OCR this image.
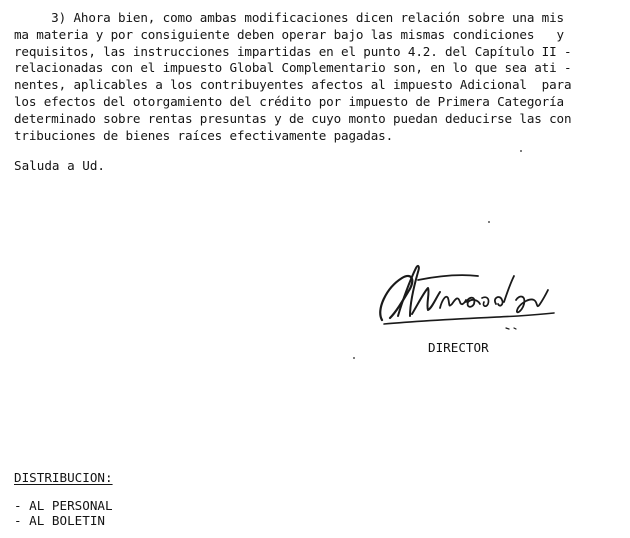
3) Ahora bien, como ambas modificaciones dicen relación sobre una mis
ma materia y por consiguiente deben operar bajo las mismas condiciones   y
requisitos, las instrucciones impartidas en el punto 4.2. del Capítulo II -
relacionadas con el impuesto Global Complementario son, en lo que sea ati -
nentes, aplicables a los contribuyentes afectos al impuesto Adicional  para
los efectos del otorgamiento del crédito por impuesto de Primera Categoría
determinado sobre rentas presuntas y de cuyo monto puedan deducirse las con
tribuciones de bienes raíces efectivamente pagadas.
Saluda a Ud.
DIRECTOR
DISTRIBUCION:
- AL PERSONAL
- AL BOLETIN
